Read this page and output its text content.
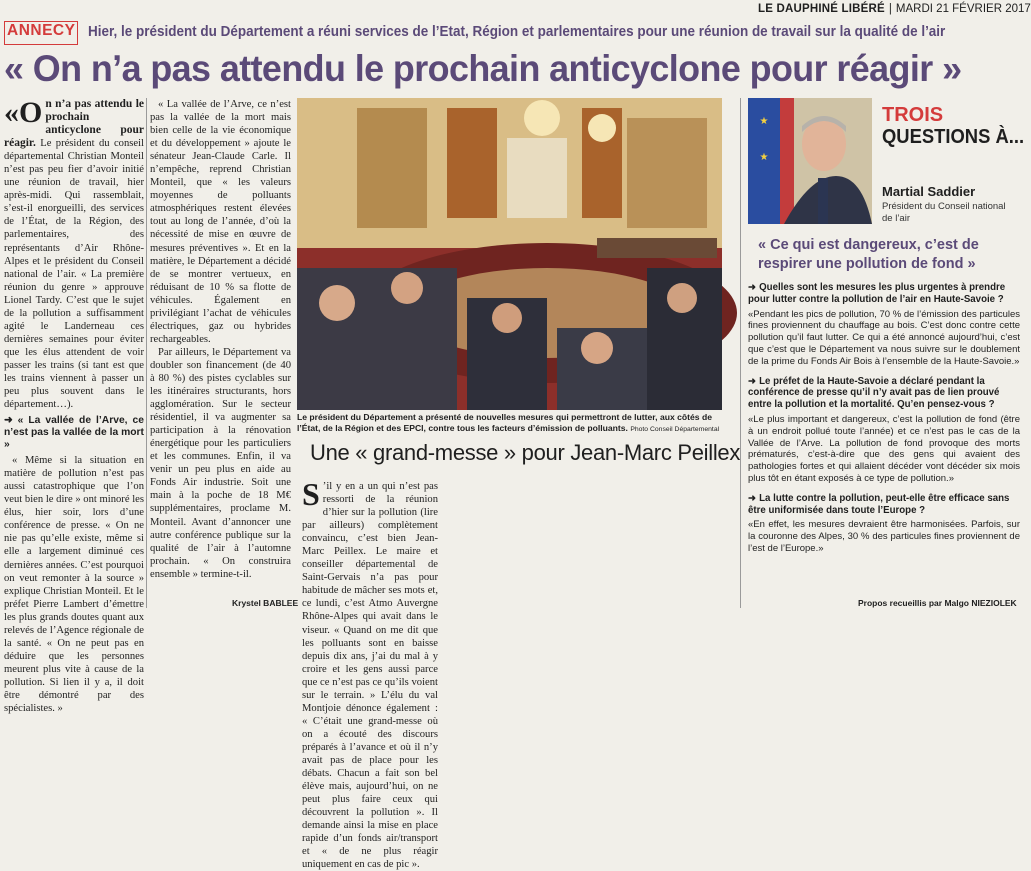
LE DAUPHINÉ LIBÉRÉ | MARDI 21 FÉVRIER 2017
ANNECY Hier, le président du Département a réuni services de l’Etat, Région et parlementaires pour une réunion de travail sur la qualité de l’air
« On n’a pas attendu le prochain anticyclone pour réagir »

«O n n’a pas attendu le prochain anticyclone pour réagir. Le président du conseil départemental Christian Monteil n’est pas peu fier d’avoir initié une réunion de travail, hier après-midi. Qui rassemblait, s’est-il enorgueilli, des services de l’État, de la Région, des parlementaires, des représentants d’Air Rhône-Alpes et le président du Conseil national de l’air. « La première réunion du genre » approuve Lionel Tardy. C’est que le sujet de la pollution a suffisamment agité le Landerneau ces dernières semaines pour éviter que les élus attendent de voir passer les trains (si tant est que les trains viennent à passer un peu plus souvent dans le département…).

➜ « La vallée de l’Arve, ce n’est pas la vallée de la mort »

« Même si la situation en matière de pollution n’est pas aussi catastrophique que l’on veut bien le dire » ont minoré les élus, hier soir, lors d’une conférence de presse. « On ne nie pas qu’elle existe, même si elle a largement diminué ces dernières années. C’est pourquoi on veut remonter à la source » explique Christian Monteil. Et le préfet Pierre Lambert d’émettre les plus grands doutes quant aux relevés de l’Agence régionale de la santé. « On ne peut pas en déduire que les personnes meurent plus vite à cause de la pollution. Si lien il y a, il doit être démontré par des spécialistes. »

« La vallée de l’Arve, ce n’est pas la vallée de la mort mais bien celle de la vie économique et du développement » ajoute le sénateur Jean-Claude Carle. Il n’empêche, reprend Christian Monteil, que « les valeurs moyennes de polluants atmosphériques restent élevées tout au long de l’année, d’où la nécessité de mise en œuvre de mesures préventives ». Et en la matière, le Département a décidé de se montrer vertueux, en réduisant de 10 % sa flotte de véhicules. Également en privilégiant l’achat de véhicules électriques, gaz ou hybrides rechargeables.

Par ailleurs, le Département va doubler son financement (de 40 à 80 %) des pistes cyclables sur les itinéraires structurants, hors agglomération. Sur le secteur résidentiel, il va augmenter sa participation à la rénovation énergétique pour les particuliers et les communes. Enfin, il va venir un peu plus en aide au Fonds Air industrie. Soit une main à la poche de 18 M€ supplémentaires, proclame M. Monteil. Avant d’annoncer une autre conférence publique sur la qualité de l’air à l’automne prochain. « On construira ensemble » termine-t-il.

Krystel BABLEE
Le président du Département a présenté de nouvelles mesures qui permettront de lutter, aux côtés de l’État, de la Région et des EPCI, contre tous les facteurs d’émission de polluants. Photo Conseil Départemental
Une « grand-messe » pour Jean-Marc Peillex

S ’il y en a un qui n’est pas ressorti de la réunion d’hier sur la pollution (lire par ailleurs) complètement convaincu, c’est bien Jean-Marc Peillex. Le maire et conseiller départemental de Saint-Gervais n’a pas pour habitude de mâcher ses mots et, ce lundi, c’est Atmo Auvergne Rhône-Alpes qui avait dans le viseur. « Quand on me dit que les polluants sont en baisse depuis dix ans, j’ai du mal à y croire et les gens aussi parce que ce n’est pas ce qu’ils voient sur le terrain. » L’élu du val Montjoie dénonce également : « C’était une grand-messe où on a écouté des discours préparés à l’avance et où il n’y avait pas de place pour les débats. Chacun a fait son bel élève mais, aujourd’hui, on ne peut plus faire ceux qui découvrent la pollution ». Il demande ainsi la mise en place rapide d’un fonds air/transport et « de ne plus réagir uniquement en cas de pic ».

★
★
TROIS
QUESTIONS À...
Martial Saddier
Président du Conseil national de l’air
« Ce qui est dangereux, c’est de respirer une pollution de fond »

➜ Quelles sont les mesures les plus urgentes à prendre pour lutter contre la pollution de l’air en Haute-Savoie ?

«Pendant les pics de pollution, 70 % de l’émission des particules fines proviennent du chauffage au bois. C’est donc contre cette pollution qu’il faut lutter. Ce qui a été annoncé aujourd’hui, c’est que c’est que le Département va nous suivre sur le doublement de la prime du Fonds Air Bois à l’ensemble de la Haute-Savoie.»

➜ Le préfet de la Haute-Savoie a déclaré pendant la conférence de presse qu’il n’y avait pas de lien prouvé entre la pollution et la mortalité. Qu’en pensez-vous ?

«Le plus important et dangereux, c’est la pollution de fond (être à un endroit pollué toute l’année) et ce n’est pas le cas de la Vallée de l’Arve. La pollution de fond provoque des morts prématurés, c’est-à-dire que des gens qui avaient des pathologies fortes et qui allaient décéder vont décéder six mois plus tôt en étant exposés à ce type de pollution.»

➜ La lutte contre la pollution, peut-elle être efficace sans être uniformisée dans toute l’Europe ?

«En effet, les mesures devraient être harmonisées. Parfois, sur la couronne des Alpes, 30 % des particules fines proviennent de l’est de l’Europe.»

Propos recueillis par Malgo NIEZIOLEK
